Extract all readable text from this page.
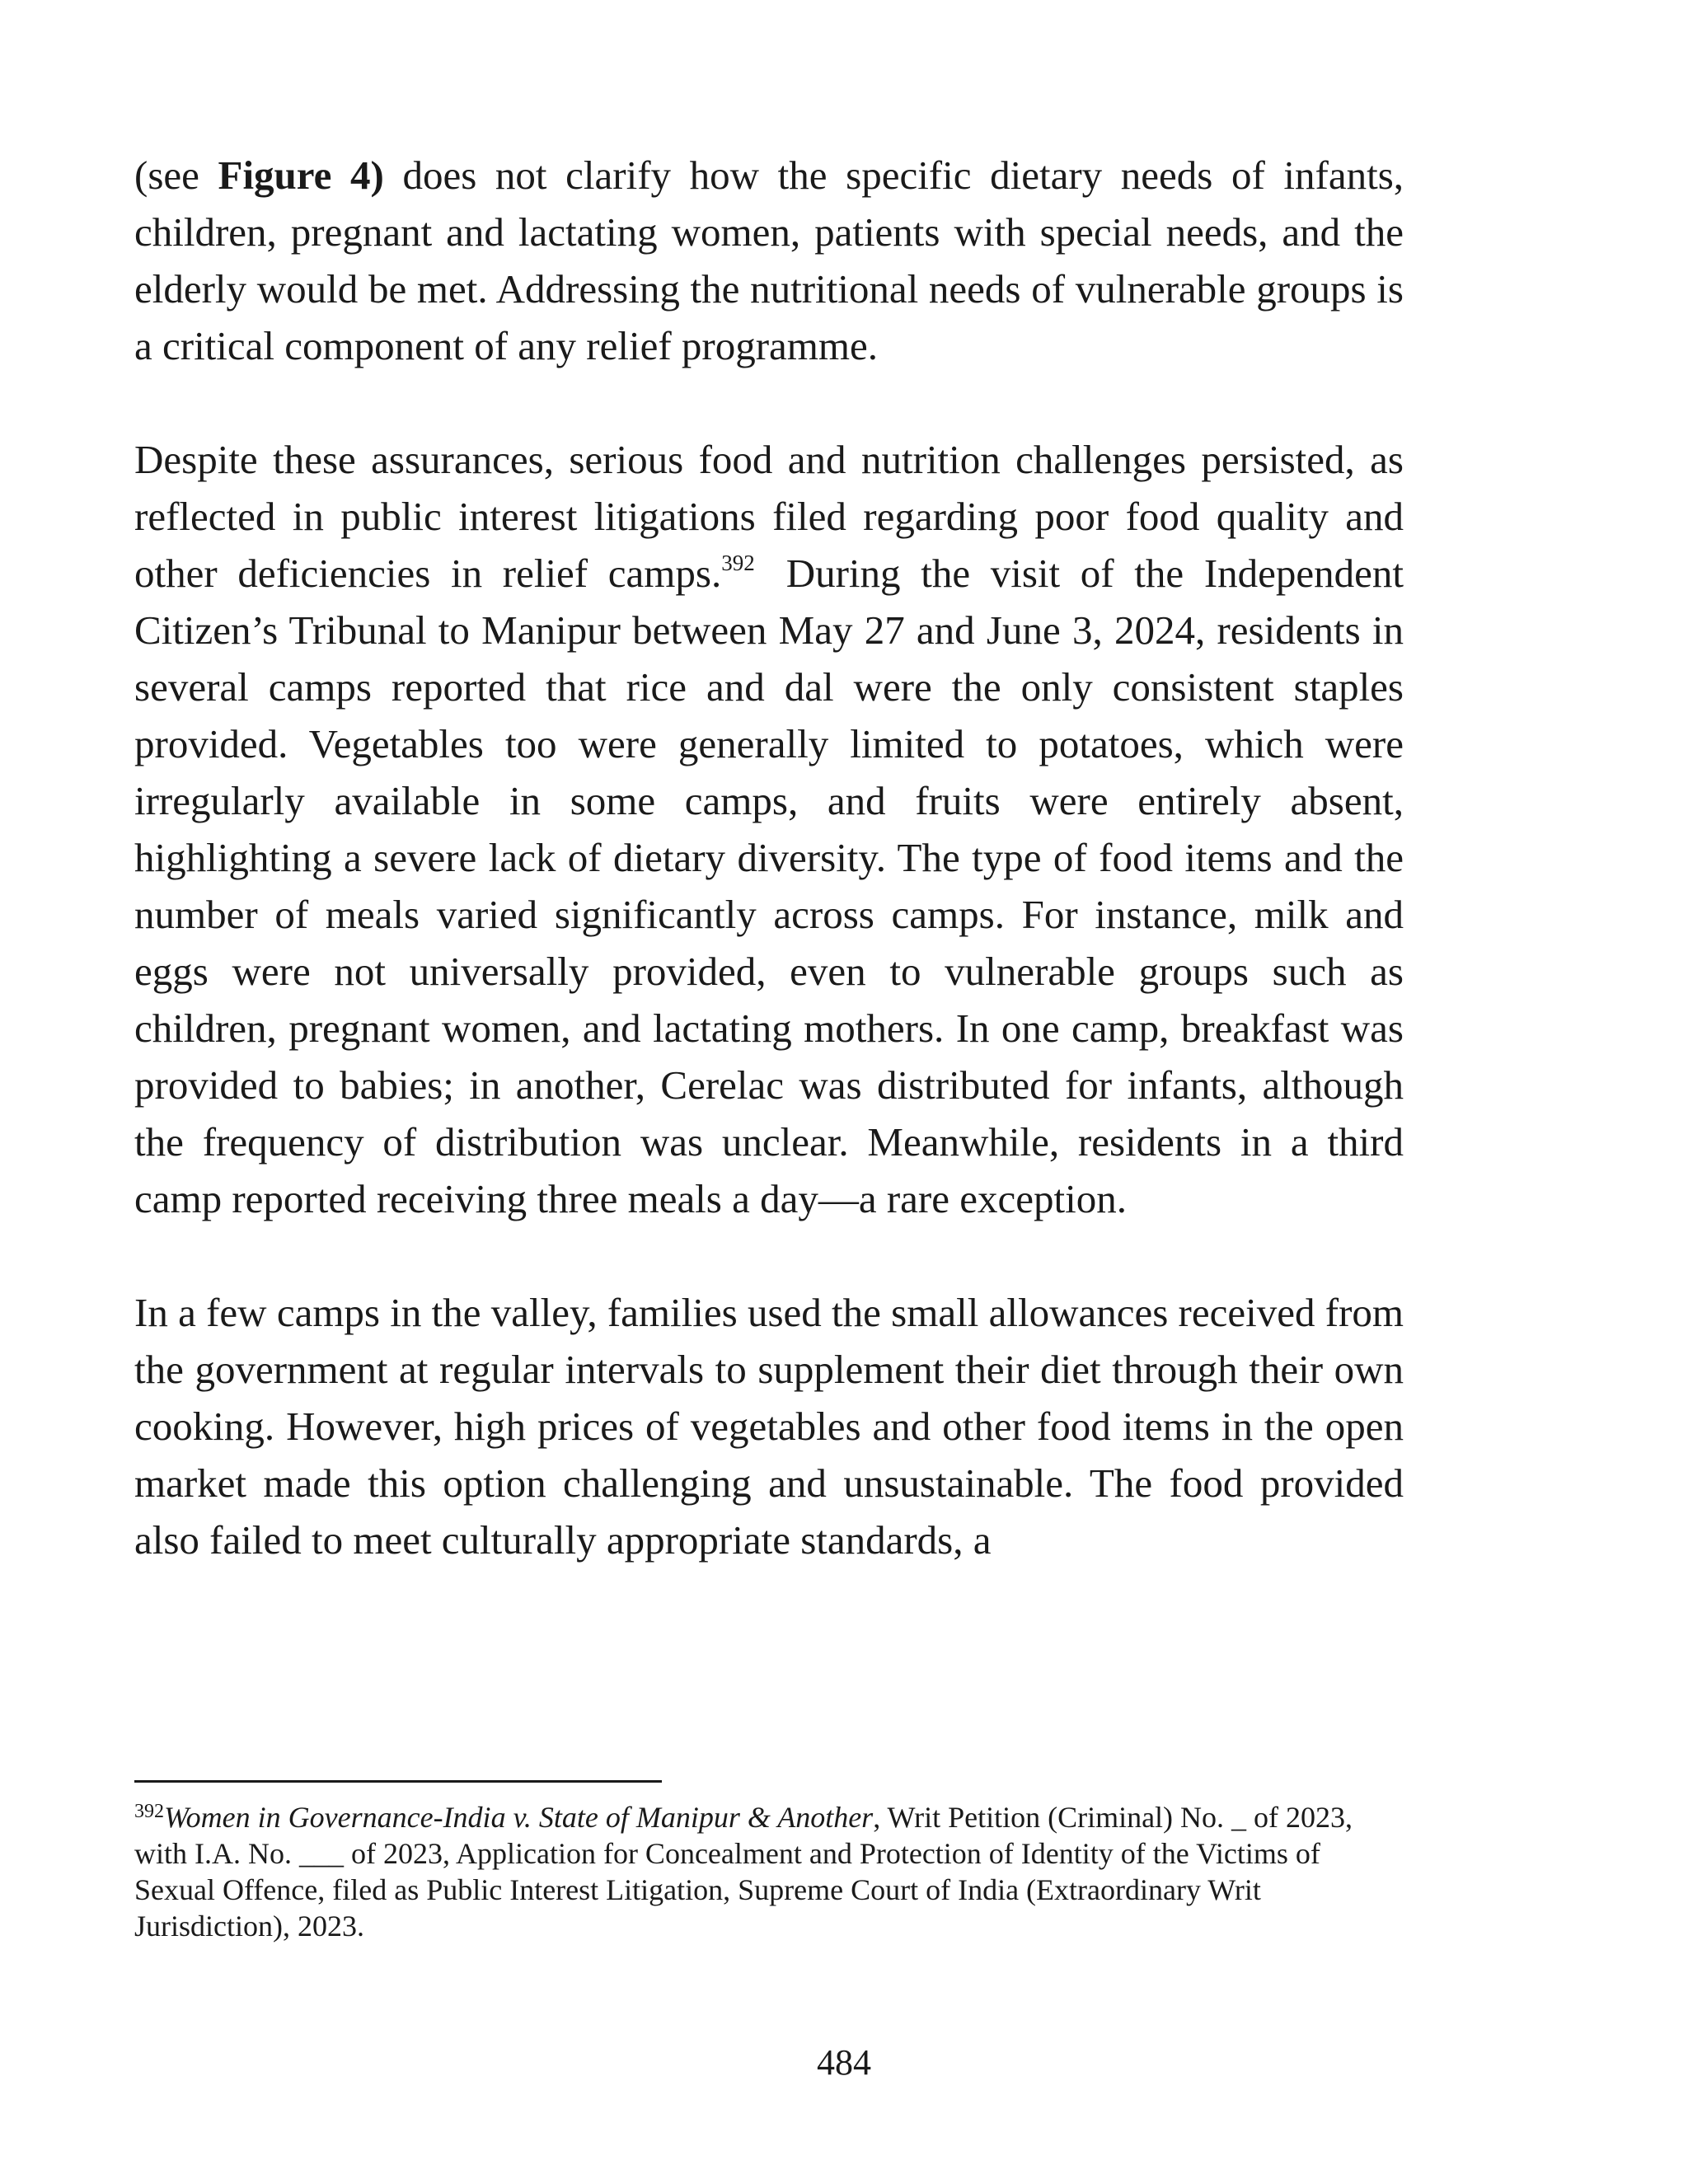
(see Figure 4) does not clarify how the specific dietary needs of infants, children, pregnant and lactating women, patients with special needs, and the elderly would be met. Addressing the nutritional needs of vulnerable groups is a critical component of any relief programme.

Despite these assurances, serious food and nutrition challenges persisted, as reflected in public interest litigations filed regarding poor food quality and other deficiencies in relief camps.$^{392}$ During the visit of the Independent Citizen’s Tribunal to Manipur between May 27 and June 3, 2024, residents in several camps reported that rice and dal were the only consistent staples provided. Vegetables too were generally limited to potatoes, which were irregularly available in some camps, and fruits were entirely absent, highlighting a severe lack of dietary diversity. The type of food items and the number of meals varied significantly across camps. For instance, milk and eggs were not universally provided, even to vulnerable groups such as children, pregnant women, and lactating mothers. In one camp, breakfast was provided to babies; in another, Cerelac was distributed for infants, although the frequency of distribution was unclear. Meanwhile, residents in a third camp reported receiving three meals a day—a rare exception.

In a few camps in the valley, families used the small allowances received from the government at regular intervals to supplement their diet through their own cooking. However, high prices of vegetables and other food items in the open market made this option challenging and unsustainable. The food provided also failed to meet culturally appropriate standards, a

$^{392}$Women in Governance-India v. State of Manipur & Another, Writ Petition (Criminal) No. _ of 2023, with I.A. No. ___ of 2023, Application for Concealment and Protection of Identity of the Victims of Sexual Offence, filed as Public Interest Litigation, Supreme Court of India (Extraordinary Writ Jurisdiction), 2023.

484
